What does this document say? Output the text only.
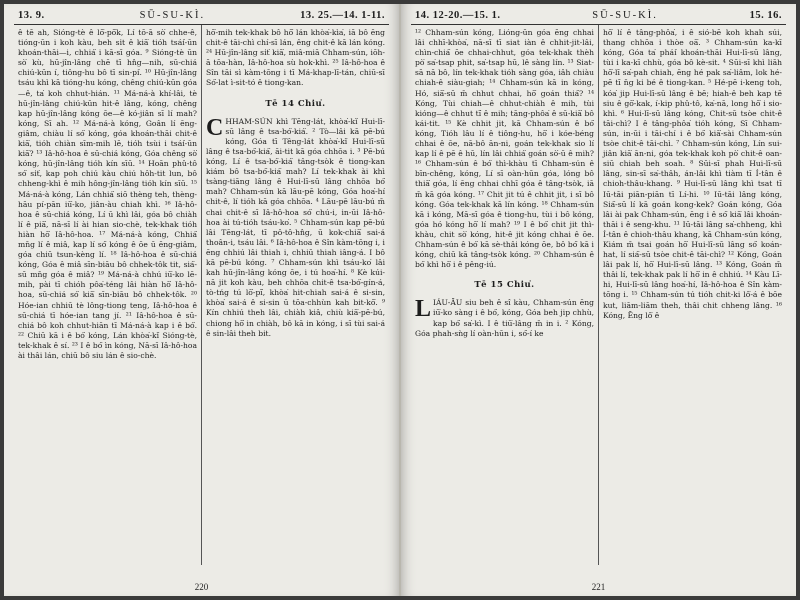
13. 9.	SŪ-SU-KÌ.	13. 25.—14. 1-11.

ê tē ah, Sióng-tè ê lō͘-pō͘k, Lí tō-ā sò͘ chhe-ê, tióng-ūn i koh kàu, beh si̍t ê kiā͘ tióh tsái͘-ūn khoán-thāi—i, chhiá͘ i kā-sī góa. ⁹ Sióng-tè ūn sò͘ kù, hū-jîn-lâng chē tī hn̂g—nih, sū-chiá chiú-kūn í, tiông-hu bô tī sin-pi͘. ¹⁰ Hū-jîn-lâng tsáu khì kā tióng-hu kóng, chêng chiú-kūn góa—ê, ta͘ koh chhut-hián. ¹¹ Má-ná-à khí-lâi, tè hū-jîn-lâng chiú-kūn hit-ê lâng, kóng, chêng kap hū-jîn-lâng kóng ōe—ê kó-jiân sī lí mah? kóng, Sī ah. ¹² Má-ná-à kóng, Goân lí ēng-giâm, chiàu lí só͘ kóng, góa khoán-thāi chit-ê kiā͘, tióh chiàn sīm-mih lē, tióh tsùi i tsái͘-ūn kiā͘? ¹³ Iâ-hô-hoa ê sū-chiá kóng, Góa chêng sò͘ kóng, hū-jîn-lâng tióh kín sīū. ¹⁴ Hoān phû-tô só͘ si̍t͘, kap poh chiú kàu chiú hôh-tit lun, bô chheng-khì ê mih hông-jîn-lâng tióh kín sīū. ¹⁵ Má-ná-à kóng, Lán chhiá͘ siō thèng teh, thèng-hāu pí-pān iū͘-ko, jiân-àu chiah khì. ¹⁶ Iâ-hô-hoa ê sū-chiá kóng, Lí ū khì lâi, góa bô chiàh lí ê piā͘, nā-sī lí ài hian sio-chè, tek-khak tióh hiàn hō͘ Iâ-hô-hoa. ¹⁷ Má-ná-à kóng, Chhiá͘ mn̄g lí ê miâ, kap lí só͘ kóng ê ōe ū ēng-giâm, góa chiū tsun-kèng lí. ¹⁸ Iâ-hô-hoa ê sū-chiá kóng, Góa ê miâ sīn-biāu bô chhek-tôk tit, siá͘-sū mn̄g góa ê miâ? ¹⁹ Má-ná-à chhú iū͘-ko lē-mih, pài tī chióh pôa͘-téng lâi hiàn hō͘ Iâ-hô-hoa, sū-chiá só͘ kiā͘ sīn-biāu bô chhek-tôk. ²⁰ Hóe-ian chhiū tè lông-tiong teng, Iâ-hô-hoa ê sū-chiá tī hóe-ian tang jí. ²¹ Iâ-hô-hoa ê sū-chiá bô koh chhut-hiān tī Má-ná-à kap i ê bó͘. ²² Chiū kā i ê bó͘ kóng, Lán khòa͘-kì͘ Sióng-tè, tek-khak ê sí. ²³ I ê bó͘ ìn kóng, Nā-sī Iâ-hô-hoa ài thâi lán, chiū bô siu lán ê sio-chè.

hō͘-mih tek-khak bô hō͘ lán khòa͘-kìa͘, iā bô ēng chit-ê tāi-chì chí-sī lán, êng chit-ê kā lán kóng. ²⁴ Hū-jîn-lâng si̍t͘ kiā͘, miâ-miā Chham-sún, iōh-ā tōa-hàn, Iâ-hô-hoa sù hok-khì. ²⁵ Iâ-hô-hoa ê Sîn tāi sì kàm-tōng i tī Má-khap-lī-tán, chiū-sī Só͘-lat ì-sit-tó ê tiong-kan.

Tē 14 Chiu͘.

CHHAM-SÚN khì Tēng-lát, khòa͘-kì͘ Hui-lī-sū lâng ê tsa-bó͘-kiá͘. ² Tò—lâi kā pē-bú kóng, Góa tī Têng-lát khòa͘-kì͘ Hui-lī-sū lâng ê tsa-bó͘-kiá͘, āi-tit kā góa chhōa i. ³ Pē-bú kóng, Lí ê tsa-bó͘-kiá͘ tâng-tsòk ê tiong-kan kiám bô tsa-bó͘-kiá͘ mah? Lí tek-khak ài khì tsàng-tiāng lâng ê Hui-lī-sū lâng chhōa bó͘ mah? Chham-sún kā lāu-pē kóng, Góa hoa͘-hí chit-ê, lí tióh kā góa chhōa. ⁴ Lāu-pē lāu-bú m̄ chai chit-ê sī Iâ-hô-hoa só͘ chú-i, in-ūi Iâ-hô-hoa ài tú-tióh tsáu-ko͘. ⁵ Chham-sún kap pē-bú lâi Tēng-lát, tī pô-tô-hn̂g, ū kok-chiā͘ sai-á thoân-i, tsáu lâi. ⁶ Iâ-hô-hoa ê Sîn kàm-tōng i, i ēng chhiú lâi thiah i, chhiū thiah iâng-á. I bô kā pē-bú kóng. ⁷ Chham-sún khì tsáu-ko͘ lâi kah hū-jîn-lâng kóng ōe, i tú hoa͘-hí. ⁸ Kè kúi-nā jit koh kàu, beh chhōa chit-ê tsa-bó͘-gín-á, tò-tńg tú lō͘-pī͘, khòa͘ hit-chiah sai-á ê si-sin, khòa͘ sai-á ê si-sin ū tōa-chhùn kah bit-kō͘. ⁹ Kín chhiú theh lâi, chiàh kiâ, chiù kiā͘-pē-bú, chiong hō͘ in chiàh, bô kā in kóng, i sī tùi sai-á ê sin-lâi theh bit.

220
14. 12-20.—15. 1.	SŪ-SU-KÌ.	15. 16.

¹² Chham-sún kóng, Lióng-ūn góa ēng chhai lâi chhī-khòa͘, nā-sī tī siat iàn ê chhit-jit-lâi, chìn-chiá͘ ōe chhai-chhut, góa tek-khak thèh pò͘ sa͘-tsap phit, sa͘-tsap hū, lê sàng lín. ¹³ Siat-sā nā bô, lín tek-khak tióh sàng góa, iâh chiàu chiah-ê siàu-giah; ¹⁴ Chham-sún kā in kóng, Hó, siā͘-sū m̄ chhut chhai, hō͘ goán thiá͘? ¹⁴ Kóng, Tùi chiah—ê chhut-chiàh ê mih, tùi kióng—ê chhut tī͘ ê mih; tāng-phôa͘ ê sū-kiā͘ bô kái-tit. ¹⁵ Kè chhit jit, kā Chham-sún ê bó͘ kóng, Tióh lâu lí ê tiông-hu, hō͘ i kóe-béng chhai ê ōe, nā-bô ān-ni, goán tek-khak sio lí kap lí ê pē ê hū, lín lâi chhiá͘ goán sò͘-ū ê mih? ¹⁶ Chham-sún ê bó͘ thì-khàu tī Chham-sún ê bīn-chêng, kóng, Lí sī oàn-hūn góa, lóng bô thiā͘ góa, lí ēng chhai chhī góa ê tâng-tsòk, iā m̄ kā góa kóng. ¹⁷ Chit jit tú ê chhit jit, i sī bô kóng. Góa tek-khak kā lín kóng. ¹⁸ Chham-sún kā i kóng, Mā-sī góa ê tiong-hu, tùi i bô kóng, góa hó kóng hō͘ lí mah? ¹⁹ I ê bó͘ chit jit thì-khàu, chit sò͘ kóng, hit-ê jit kóng chhai ê ōe. Chham-sún ê bó͘ kā sè-thâi kóng ōe, bô bó͘ kā i kóng, chiū kā tâng-tsòk kóng. ²⁰ Chham-sún ê bó͘ khì hō͘ i ê pêng-iú.

Tē 15 Chiu͘.

LIÁU-ĀU siu beh ê sî kàu, Chham-sún ēng iū͘-ko sàng i ê bó͘, kóng, Góa beh jip chhù, kap bó͘ sa͘-kì. I ê tiū͘-lâng m̄ in i. ² Kóng, Góa phah-sǹg lí oàn-hūn i, só͘-í ke

hō͘ lí ê tâng-phôa͘, i ê sió-bē koh khah súi, thang chhōa i thòe oā͘. ³ Chham-sún ka-kī kóng, Góa ta͘ phái͘ khoán-thāi Hui-lī-sū lâng, tùi i ka-kī chhù, góa bô kè-sit. ⁴ Sūi-sī khì liāh hō͘-lī sa͘-pah chiah, ēng hé pak sa͘-liâm, lok hé-pē tī n̄g ki bé ê tiong-kan. ⁵ Hé-pē i-keng toh, kóa͘ jip Hui-lī-sū lâng ê bē; hiah-ê beh kap tē siu ê gō͘-kak, í-kip phû-tô, ka͘-nā, long hō͘ i sio-khì. ⁶ Hui-lī-sū lâng kóng, Chit-sū tsòe chit-ê tāi-chì? I ê tâng-phôa͘ tióh kóng, Sī Chham-sún, in-ūi i tāi-chí i ê bó͘ kiā͘-sài Chham-sún tsòe chit-ê tāi-chì. ⁷ Chham-sún kóng, Lín sui-jiân kiā͘ ān-ni, góa tek-khak koh pò͘ chit-ê oan-siū chiah beh soah. ⁸ Sūi-sī phah Hui-lī-sū lâng, sin-sī sa͘-thâh, án-lâi khì tiàm tī Í-tân ê chioh-thâu-khang. ⁹ Hui-lī-sū lâng khì tsat tī Iū-tāi piān-piān tī Lí-hi. ¹⁰ Iū-tāi lâng kóng, Siá͘-sū lí kā goán kong-kek? Goán kóng, Góa lâi ài pak Chham-sún, ēng i ê só͘ kiā͘ lâi khoán-thāi i ê seng-khu. ¹¹ Iū-tāi lâng sa͘-chheng, khì Í-tân ê chioh-thâu khang, kā Chham-sún kóng, Kiám m̄ tsai goán hō͘ Hui-lī-sū lâng só͘ koán-hat, lí siá͘-sū tsòe chit-ê tāi-chì? ¹² Kóng, Goán lâi pak lí, hō͘ Hui-lī-sū lâng. ¹³ Kóng, Goán m̄ thâi lí, tek-khak pak lí hō͘ in ê chhiú. ¹⁴ Kàu Lī-hi, Hui-lī-sū lâng hoa͘-hí, Iâ-hô-hoa ê Sîn kàm-tōng i. ¹⁵ Chham-sún tú tióh chit-ki lô͘-á ê bōe kut, liām-liām theh, thâi chit chheng lâng. ¹⁶ Kóng, Ēng lô͘ ê

221
